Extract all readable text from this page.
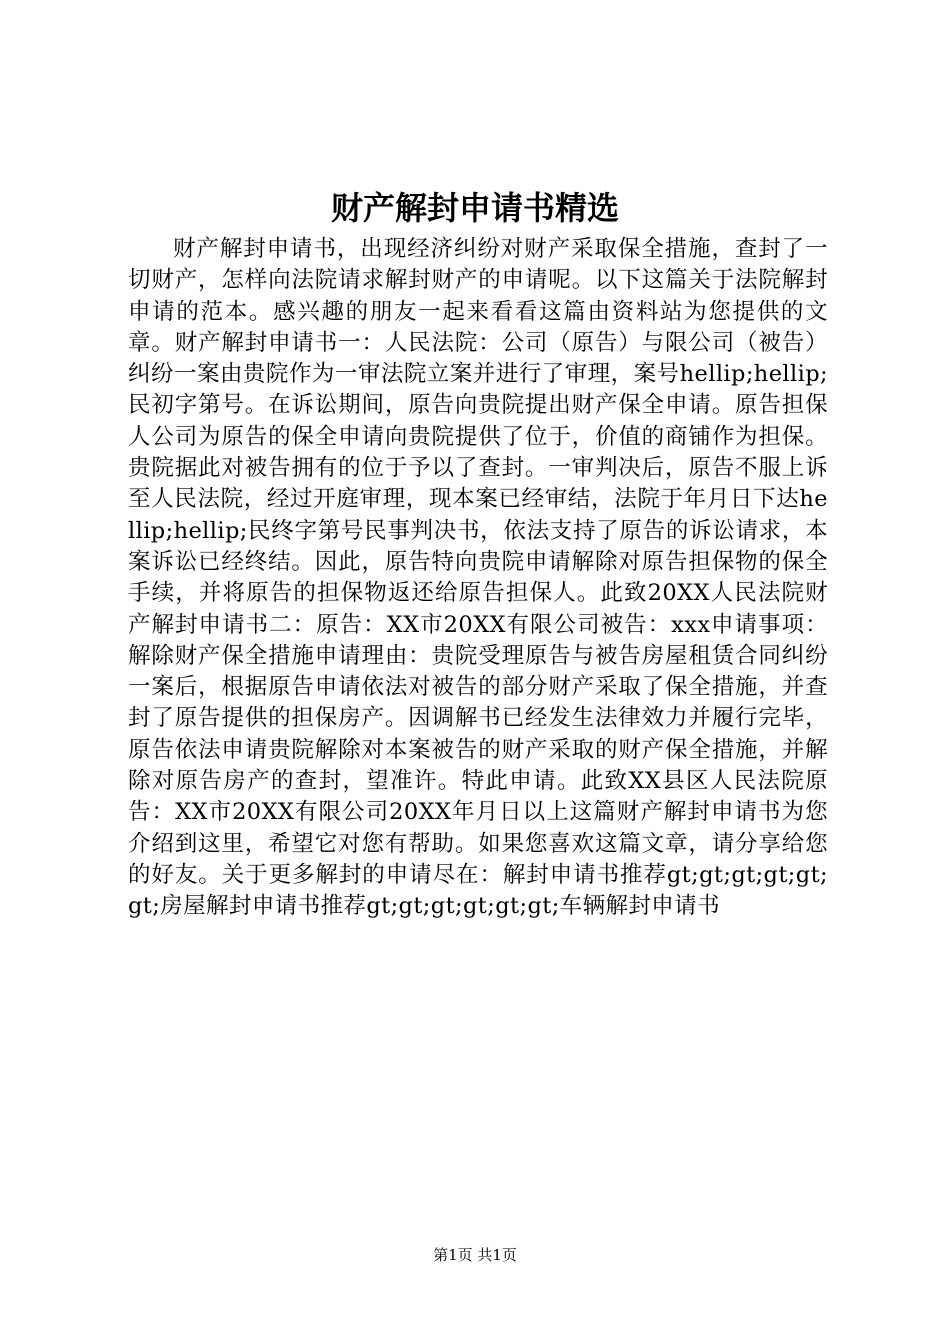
财产解封申请书精选

财产解封申请书，出现经济纠纷对财产采取保全措施，查封了一切财产，怎样向法院请求解封财产的申请呢。以下这篇关于法院解封申请的范本。感兴趣的朋友一起来看看这篇由资料站为您提供的文章。财产解封申请书一：人民法院：公司（原告）与限公司（被告）纠纷一案由贵院作为一审法院立案并进行了审理，案号hellip;hellip;民初字第号。在诉讼期间，原告向贵院提出财产保全申请。原告担保人公司为原告的保全申请向贵院提供了位于，价值的商铺作为担保。贵院据此对被告拥有的位于予以了查封。一审判决后，原告不服上诉至人民法院，经过开庭审理，现本案已经审结，法院于年月日下达hellip;hellip;民终字第号民事判决书，依法支持了原告的诉讼请求，本案诉讼已经终结。因此，原告特向贵院申请解除对原告担保物的保全手续，并将原告的担保物返还给原告担保人。此致20XX人民法院财产解封申请书二：原告：XX市20XX有限公司被告：xxx申请事项：解除财产保全措施申请理由：贵院受理原告与被告房屋租赁合同纠纷一案后，根据原告申请依法对被告的部分财产采取了保全措施，并查封了原告提供的担保房产。因调解书已经发生法律效力并履行完毕，原告依法申请贵院解除对本案被告的财产采取的财产保全措施，并解除对原告房产的查封，望准许。特此申请。此致XX县区人民法院原告：XX市20XX有限公司20XX年月日以上这篇财产解封申请书为您介绍到这里，希望它对您有帮助。如果您喜欢这篇文章，请分享给您的好友。关于更多解封的申请尽在：解封申请书推荐gt;gt;gt;gt;gt;gt;房屋解封申请书推荐gt;gt;gt;gt;gt;gt;车辆解封申请书

第1页 共1页
